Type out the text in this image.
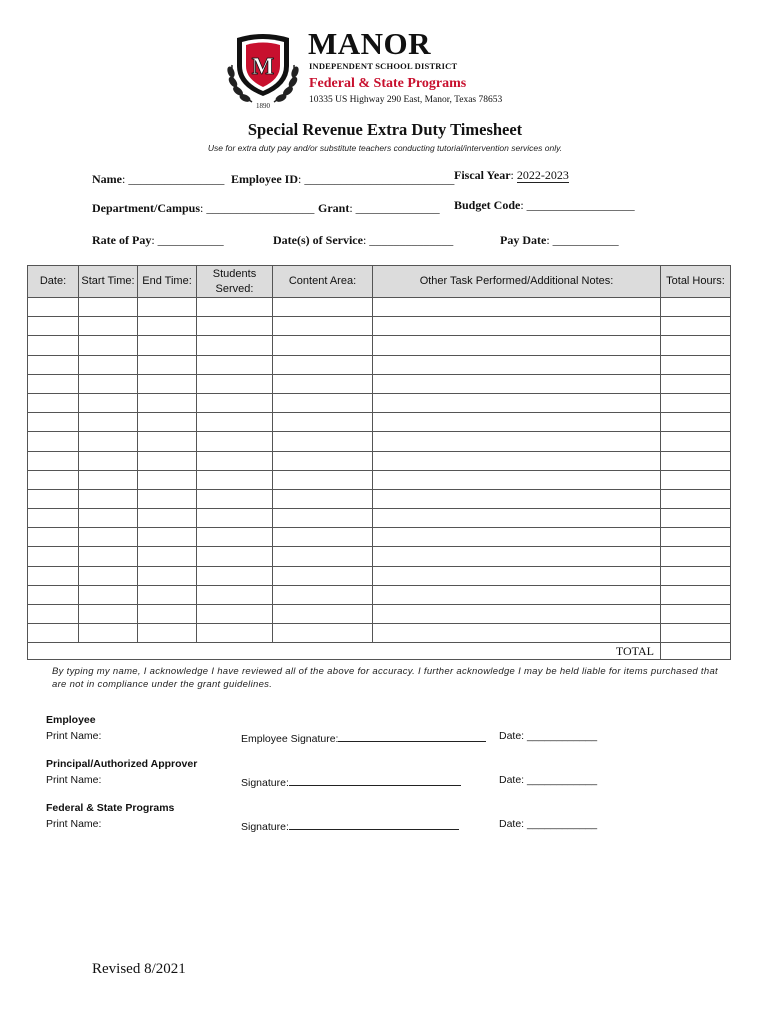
M
1890
MANOR
INDEPENDENT SCHOOL DISTRICT
Federal & State Programs
10335 US Highway 290 East, Manor, Texas 78653
Special Revenue Extra Duty Timesheet
Use for extra duty pay and/or substitute teachers conducting tutorial/intervention services only.
Name: ________________ Employee ID: _________________________ Fiscal Year: 2022-2023
Department/Campus: __________________ Grant: ______________ Budget Code: __________________
Rate of Pay: ___________	Date(s) of Service: ______________	Pay Date: ___________
Date:	Start Time:	End Time:	Students Served:	Content Area:	Other Task Performed/Additional Notes:	Total Hours:

TOTAL						
By typing my name, I acknowledge I have reviewed all of the above for accuracy. I further acknowledge I may be held liable for items purchased that are not in compliance under the grant guidelines.
Employee
Print Name:	Employee Signature:	Date: ____________
Principal/Authorized Approver
Print Name:	Signature:	Date: ____________
Federal & State Programs
Print Name:	Signature:	Date: ____________
Revised 8/2021
